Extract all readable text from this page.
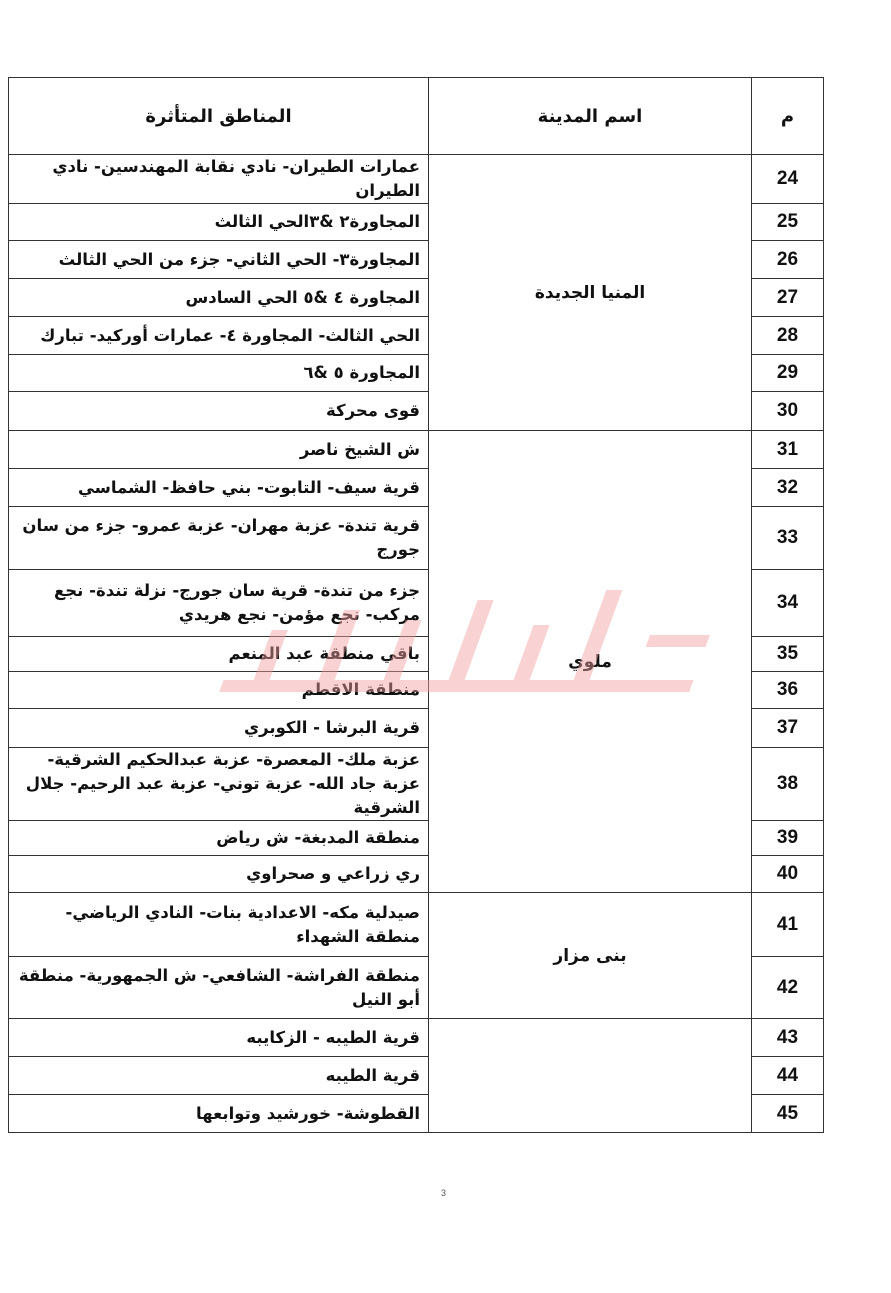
م	اسم المدينة	المناطق المتأثرة
24	المنيا الجديدة	عمارات الطيران- نادي نقابة المهندسين- نادي الطيران
25		المجاورة٢ &٣الحي الثالث
26		المجاورة٣- الحي الثاني- جزء من الحي الثالث
27		المجاورة ٤ &٥ الحي السادس
28		الحي الثالث- المجاورة ٤- عمارات أوركيد- تبارك
29		المجاورة ٥ &٦
30		قوى محركة
31	ملوي	ش الشيخ ناصر
32		قرية سيف- التابوت- بني حافظ- الشماسي
33		قرية تندة- عزبة مهران- عزبة عمرو- جزء من سان جورج
34		جزء من تندة- قرية سان جورج- نزلة تندة- نجع مركب- نجع مؤمن- نجع هريدي
35		باقي منطقة عبد المنعم
36		منطقة الاقطم
37		قرية البرشا - الكوبري
38		عزبة ملك- المعصرة- عزبة عبدالحكيم الشرقية- عزبة جاد الله- عزبة توني- عزبة عبد الرحيم- جلال الشرقية
39		منطقة المدبغة- ش رياض
40		ري زراعي و صحراوي
41	بنى مزار	صيدلية مكه- الاعدادية بنات- النادي الرياضي- منطقة الشهداء
42		منطقة الفراشة- الشافعي- ش الجمهورية- منطقة أبو النيل
43		قرية الطيبه - الزكايبه
44		قرية الطيبه
45		القطوشة- خورشيد وتوابعها
3
